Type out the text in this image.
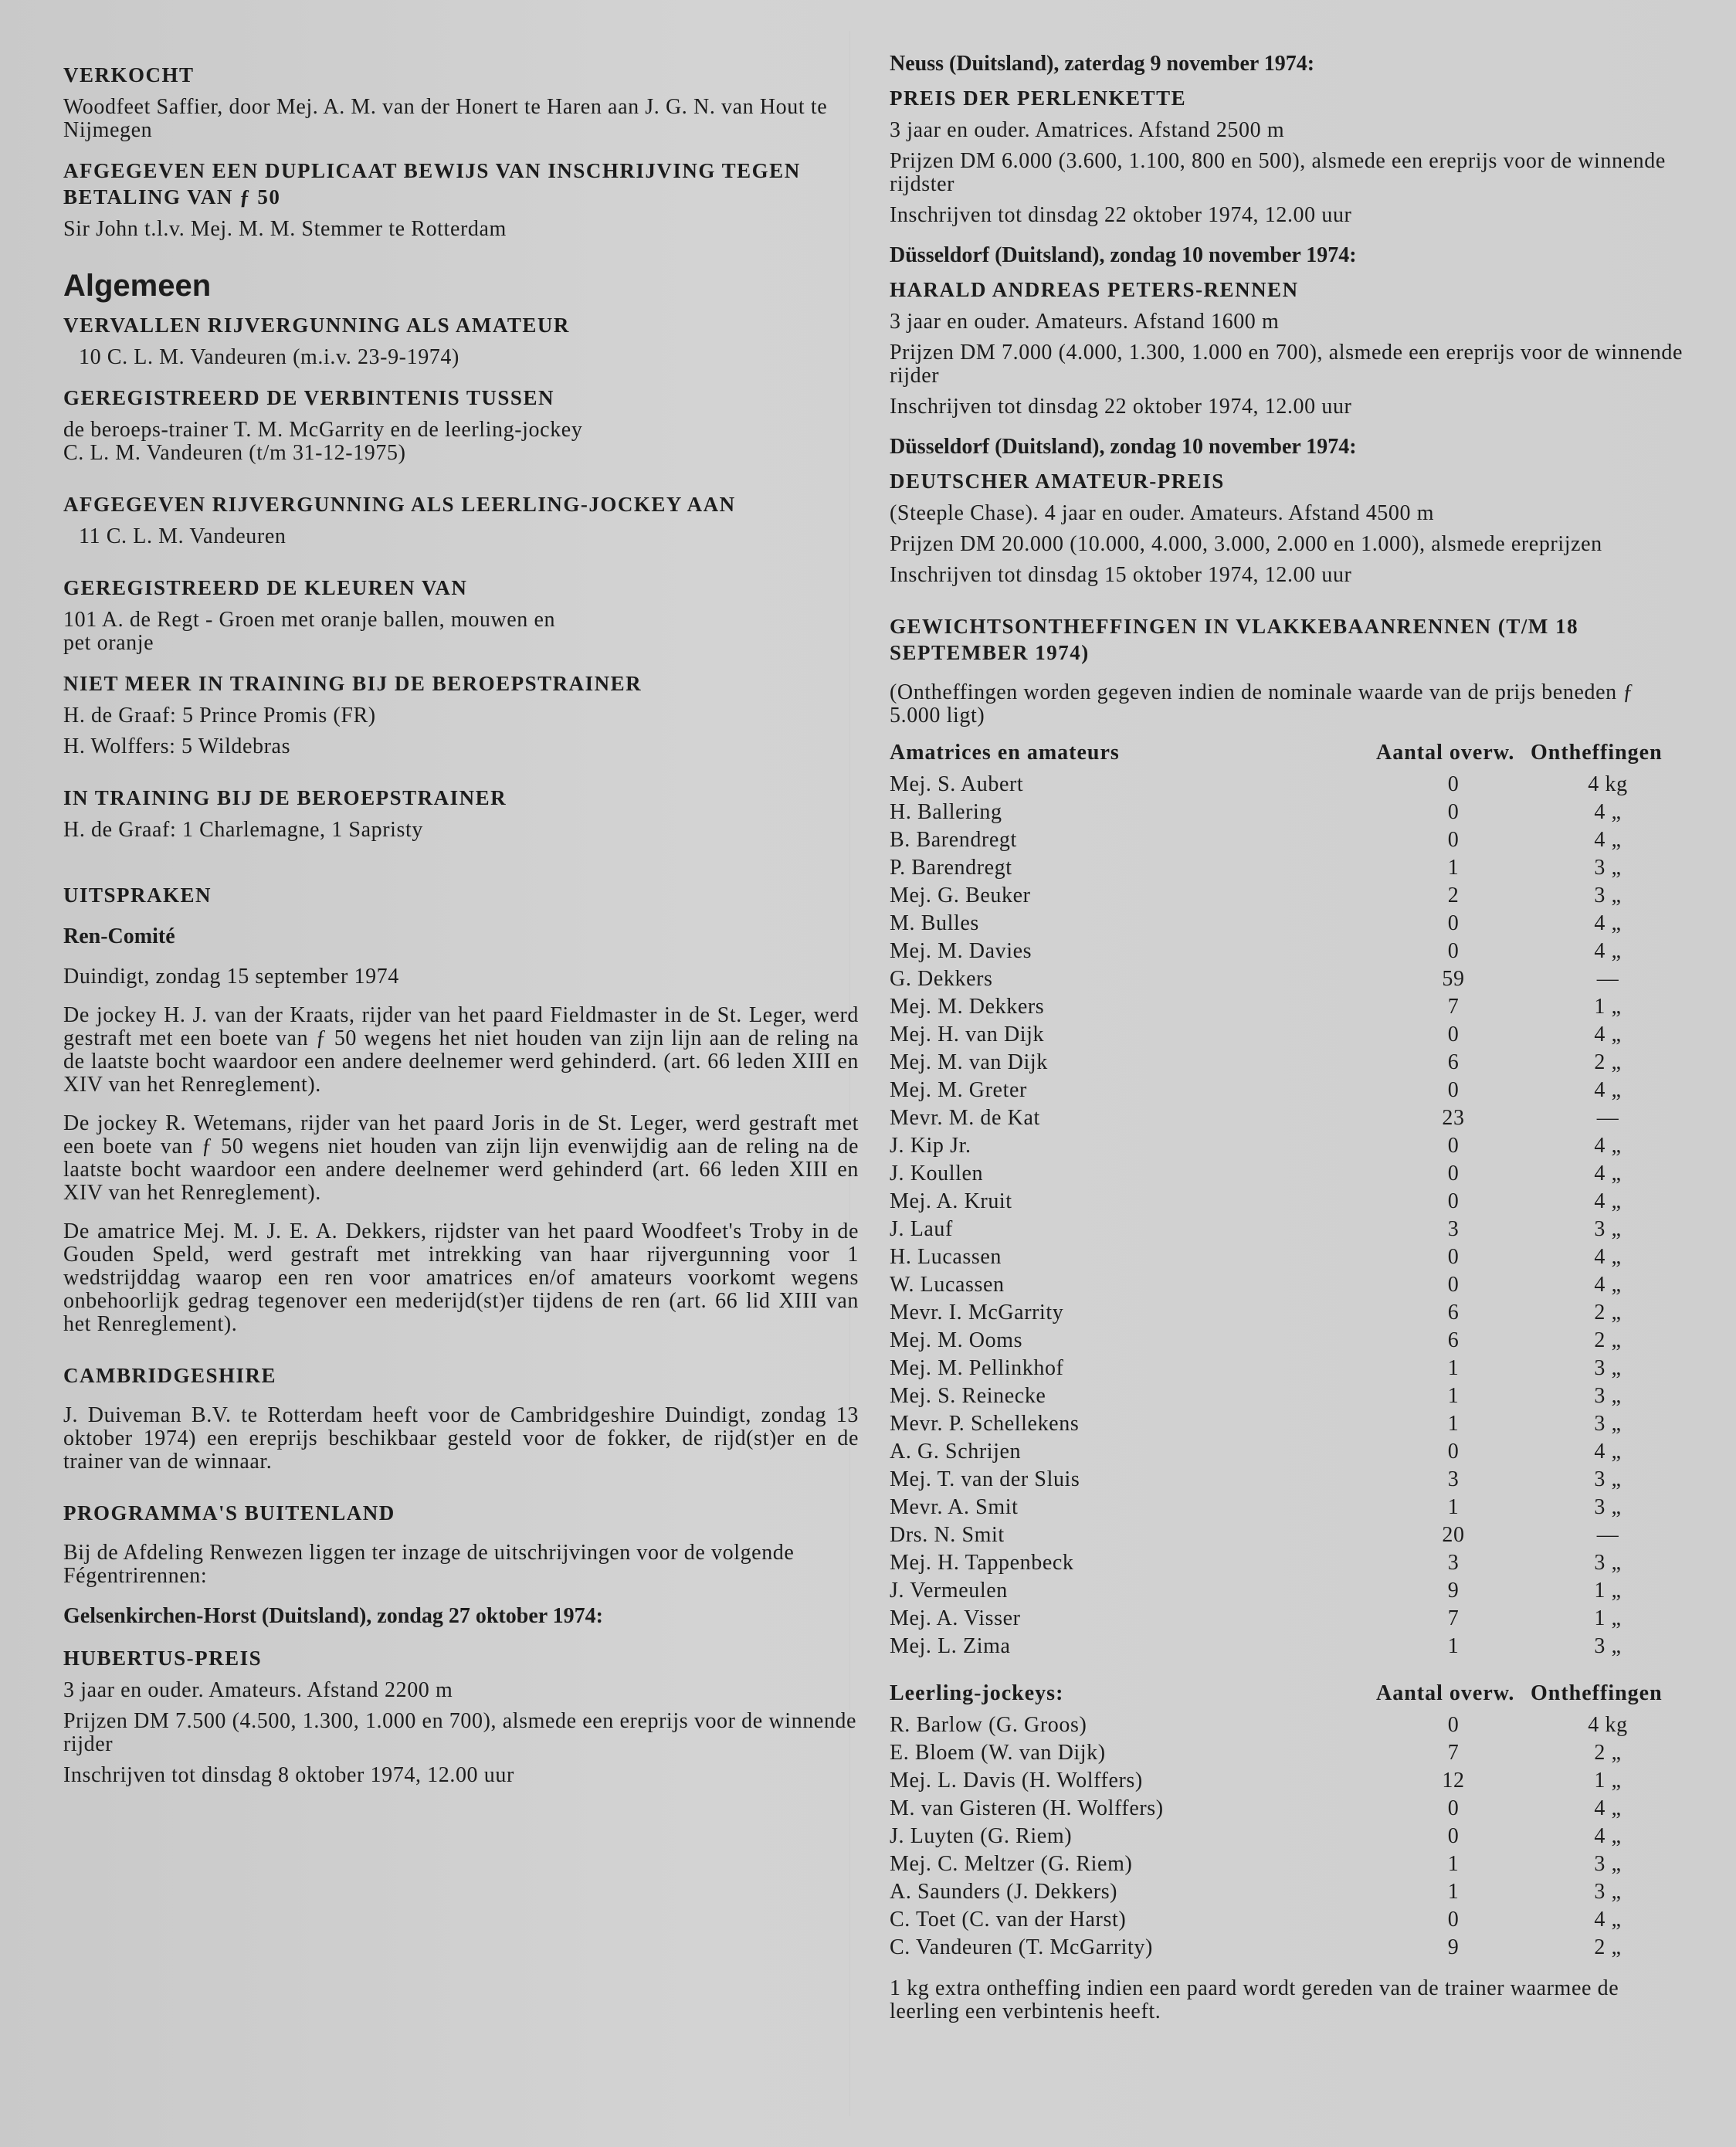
VERKOCHT

Woodfeet Saffier, door Mej. A. M. van der Honert te Haren aan J. G. N. van Hout te Nijmegen

AFGEGEVEN EEN DUPLICAAT BEWIJS VAN INSCHRIJVING TEGEN BETALING VAN ƒ 50

Sir John t.l.v. Mej. M. M. Stemmer te Rotterdam

Algemeen

VERVALLEN RIJVERGUNNING ALS AMATEUR

10 C. L. M. Vandeuren (m.i.v. 23-9-1974)

GEREGISTREERD DE VERBINTENIS TUSSEN

de beroeps-trainer T. M. McGarrity en de leerling-jockey C. L. M. Vandeuren (t/m 31-12-1975)

AFGEGEVEN RIJVERGUNNING ALS LEERLING-JOCKEY AAN

11 C. L. M. Vandeuren

GEREGISTREERD DE KLEUREN VAN

101 A. de Regt - Groen met oranje ballen, mouwen en pet oranje

NIET MEER IN TRAINING BIJ DE BEROEPSTRAINER

H. de Graaf: 5 Prince Promis (FR)

H. Wolffers: 5 Wildebras

IN TRAINING BIJ DE BEROEPSTRAINER

H. de Graaf: 1 Charlemagne, 1 Sapristy

UITSPRAKEN

Ren-Comité

Duindigt, zondag 15 september 1974

De jockey H. J. van der Kraats, rijder van het paard Fieldmaster in de St. Leger, werd gestraft met een boete van ƒ 50 wegens het niet houden van zijn lijn aan de reling na de laatste bocht waardoor een andere deelnemer werd gehinderd. (art. 66 leden XIII en XIV van het Renreglement).

De jockey R. Wetemans, rijder van het paard Joris in de St. Leger, werd gestraft met een boete van ƒ 50 wegens niet houden van zijn lijn evenwijdig aan de reling na de laatste bocht waardoor een andere deelnemer werd gehinderd (art. 66 leden XIII en XIV van het Renreglement).

De amatrice Mej. M. J. E. A. Dekkers, rijdster van het paard Woodfeet's Troby in de Gouden Speld, werd gestraft met intrekking van haar rijvergunning voor 1 wedstrijddag waarop een ren voor amatrices en/of amateurs voorkomt wegens onbehoorlijk gedrag tegenover een mederijd(st)er tijdens de ren (art. 66 lid XIII van het Renreglement).

CAMBRIDGESHIRE

J. Duiveman B.V. te Rotterdam heeft voor de Cambridgeshire Duindigt, zondag 13 oktober 1974) een ereprijs beschikbaar gesteld voor de fokker, de rijd(st)er en de trainer van de winnaar.

PROGRAMMA'S BUITENLAND

Bij de Afdeling Renwezen liggen ter inzage de uitschrijvingen voor de volgende Fégentrirennen:

Gelsenkirchen-Horst (Duitsland), zondag 27 oktober 1974:

HUBERTUS-PREIS

3 jaar en ouder. Amateurs. Afstand 2200 m

Prijzen DM 7.500 (4.500, 1.300, 1.000 en 700), alsmede een ereprijs voor de winnende rijder

Inschrijven tot dinsdag 8 oktober 1974, 12.00 uur

Neuss (Duitsland), zaterdag 9 november 1974:

PREIS DER PERLENKETTE

3 jaar en ouder. Amatrices. Afstand 2500 m

Prijzen DM 6.000 (3.600, 1.100, 800 en 500), alsmede een ereprijs voor de winnende rijdster

Inschrijven tot dinsdag 22 oktober 1974, 12.00 uur

Düsseldorf (Duitsland), zondag 10 november 1974:

HARALD ANDREAS PETERS-RENNEN

3 jaar en ouder. Amateurs. Afstand 1600 m

Prijzen DM 7.000 (4.000, 1.300, 1.000 en 700), alsmede een ereprijs voor de winnende rijder

Inschrijven tot dinsdag 22 oktober 1974, 12.00 uur

Düsseldorf (Duitsland), zondag 10 november 1974:

DEUTSCHER AMATEUR-PREIS

(Steeple Chase). 4 jaar en ouder. Amateurs. Afstand 4500 m

Prijzen DM 20.000 (10.000, 4.000, 3.000, 2.000 en 1.000), alsmede ereprijzen

Inschrijven tot dinsdag 15 oktober 1974, 12.00 uur

GEWICHTSONTHEFFINGEN IN VLAKKEBAANRENNEN (T/M 18 SEPTEMBER 1974)

(Ontheffingen worden gegeven indien de nominale waarde van de prijs beneden ƒ 5.000 ligt)

Amatrices en amateurs	Aantal overw.	Ontheffingen
Mej. S. Aubert	0	4 kg
H. Ballering	0	4 „
B. Barendregt	0	4 „
P. Barendregt	1	3 „
Mej. G. Beuker	2	3 „
M. Bulles	0	4 „
Mej. M. Davies	0	4 „
G. Dekkers	59	—
Mej. M. Dekkers	7	1 „
Mej. H. van Dijk	0	4 „
Mej. M. van Dijk	6	2 „
Mej. M. Greter	0	4 „
Mevr. M. de Kat	23	—
J. Kip Jr.	0	4 „
J. Koullen	0	4 „
Mej. A. Kruit	0	4 „
J. Lauf	3	3 „
H. Lucassen	0	4 „
W. Lucassen	0	4 „
Mevr. I. McGarrity	6	2 „
Mej. M. Ooms	6	2 „
Mej. M. Pellinkhof	1	3 „
Mej. S. Reinecke	1	3 „
Mevr. P. Schellekens	1	3 „
A. G. Schrijen	0	4 „
Mej. T. van der Sluis	3	3 „
Mevr. A. Smit	1	3 „
Drs. N. Smit	20	—
Mej. H. Tappenbeck	3	3 „
J. Vermeulen	9	1 „
Mej. A. Visser	7	1 „
Mej. L. Zima	1	3 „
Leerling-jockeys:	Aantal overw.	Ontheffingen
R. Barlow (G. Groos)	0	4 kg
E. Bloem (W. van Dijk)	7	2 „
Mej. L. Davis (H. Wolffers)	12	1 „
M. van Gisteren (H. Wolffers)	0	4 „
J. Luyten (G. Riem)	0	4 „
Mej. C. Meltzer (G. Riem)	1	3 „
A. Saunders (J. Dekkers)	1	3 „
C. Toet (C. van der Harst)	0	4 „
C. Vandeuren (T. McGarrity)	9	2 „

1 kg extra ontheffing indien een paard wordt gereden van de trainer waarmee de leerling een verbintenis heeft.
